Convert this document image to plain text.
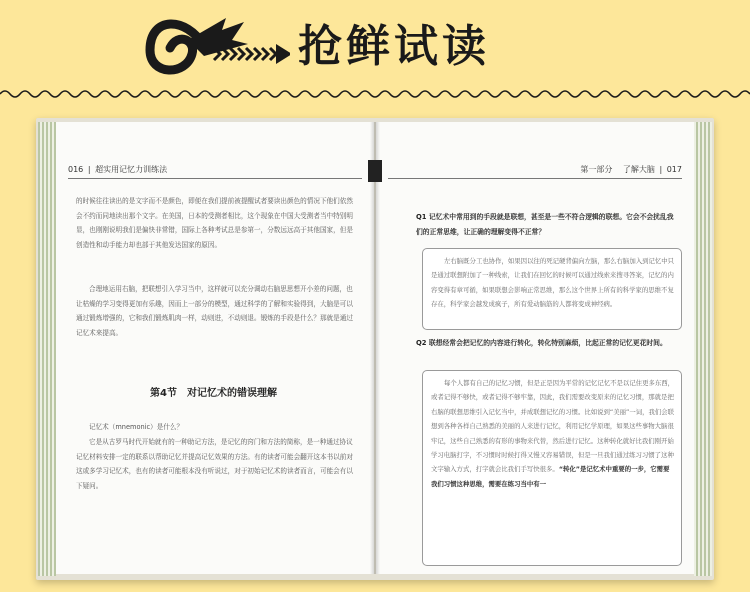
抢鲜试读
016 | 超实用记忆力训练法

的时候往往读出的是文字而不是颜色，即便在我们提前被提醒试者要读出颜色的情况下他们依然会不约而同地读出那个文字。在美国，日本的受测者相比，这个现象在中国大受测者当中特别明显，也刚刚说明我们是偏快非常错，国际上各种考试总是参第一，分数远远高于其他国家，但是创造性和动手能力却也部于其他发达国家的原因。

合理地运用右脑，把联想引入学习当中，这样就可以充分调动右脑思思想开小差的问题，也让枯燥的学习变得更加有乐趣，因而上一部分的模型，通过科学的了解和实验得到，大脑是可以通过锻炼增强的，它和我们锻炼肌肉一样，动则进，不动则退。锻炼的手段是什么？那就是通过记忆术来提高。

第4节　对记忆术的错误理解

记忆术（mnemonic）是什么？

它是从古罗马时代开始就有的一种助记方法，是记忆的窍门和方法的简称，是一种通过协议记忆材料安排一定的联系以帮助记忆并提高记忆效果的方法。有的读者可能会翻开这本书以前对这或多学习记忆术，也有的读者可能根本没有听说过，对于初始记忆术的读者而言，可能会有以下疑问。

第一部分 了解大脑 | 017

Q1 记忆术中常用到的手段就是联想，甚至是一些不符合逻辑的联想。它会不会扰乱我们的正常思维，让正确的理解变得不正常？

左右脑既分工也协作，如果因以往的死记硬背偏向左脑，那么右脑加入到记忆中只是通过联想附加了一种线索，让我们在回忆的时候可以通过线索来搜寻答案，记忆的内容变得有章可循，如果联想会影响正常思维，那么这个世界上所有的科学家的思维不复存在，科学家会越发成疯子，所有爱动脑筋的人都将变成神经病。

Q2 联想经常会把记忆的内容进行转化，转化特别麻烦，比起正常的记忆更花时间。

每个人都有自己的记忆习惯，但是正是因为平常的记忆记忆不是以记住更多东西，或者记得不够快，或者记得不够牢靠，因此，我们需要改变原来的记忆习惯，那就是把右脑的联想思维引入记忆当中，并成联想记忆的习惯。比如说到“美丽”一词，我们会联想到各种各样自己熟悉的美丽的人来进行记忆，利用记忆学原理，如果这些事物大脑很牢记，这些自己熟悉的有形的事物来代替，然后进行记忆。这种转化就好比我们刚开始学习电脑打字，不习惯时时候打得又慢又容易错误，但是一旦我们通过练习习惯了这种文字输入方式，打字就会比我们手写快很多。“转化”是记忆术中重要的一步，它需要我们习惯这种思维，需要在练习当中有一
